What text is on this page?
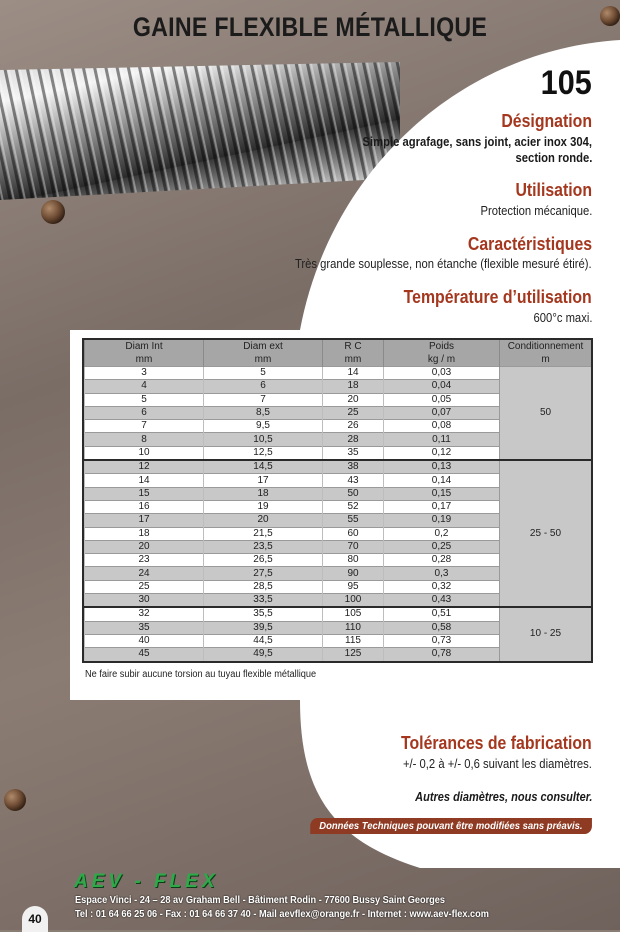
GAINE FLEXIBLE MÉTALLIQUE
105
Désignation
Simple agrafage, sans joint, acier inox 304,
section ronde.
Utilisation
Protection mécanique.
Caractéristiques
Très grande souplesse, non étanche (flexible mesuré étiré).
Température d’utilisation
600°c maxi.
Diam Int	Diam ext	R C	Poids	Conditionnement
mm	mm	mm	kg / m	m
3	5	14	0,03	50
4	6	18	0,04	
5	7	20	0,05	
6	8,5	25	0,07	
7	9,5	26	0,08	
8	10,5	28	0,11	
10	12,5	35	0,12	
12	14,5	38	0,13	25 - 50
14	17	43	0,14	
15	18	50	0,15	
16	19	52	0,17	
17	20	55	0,19	
18	21,5	60	0,2	
20	23,5	70	0,25	
23	26,5	80	0,28	
24	27,5	90	0,3	
25	28,5	95	0,32	
30	33,5	100	0,43	
32	35,5	105	0,51	10 - 25
35	39,5	110	0,58	
40	44,5	115	0,73	
45	49,5	125	0,78	
Ne faire subir aucune torsion au tuyau flexible métallique
Tolérances de fabrication
+/- 0,2 à +/- 0,6 suivant les diamètres.
Autres diamètres, nous consulter.
Données Techniques pouvant être modifiées sans préavis.
AEV - FLEX
Espace Vinci - 24 – 28 av Graham Bell - Bâtiment Rodin - 77600 Bussy Saint Georges
Tel : 01 64 66 25 06 - Fax : 01 64 66 37 40 - Mail aevflex@orange.fr - Internet : www.aev-flex.com
40
